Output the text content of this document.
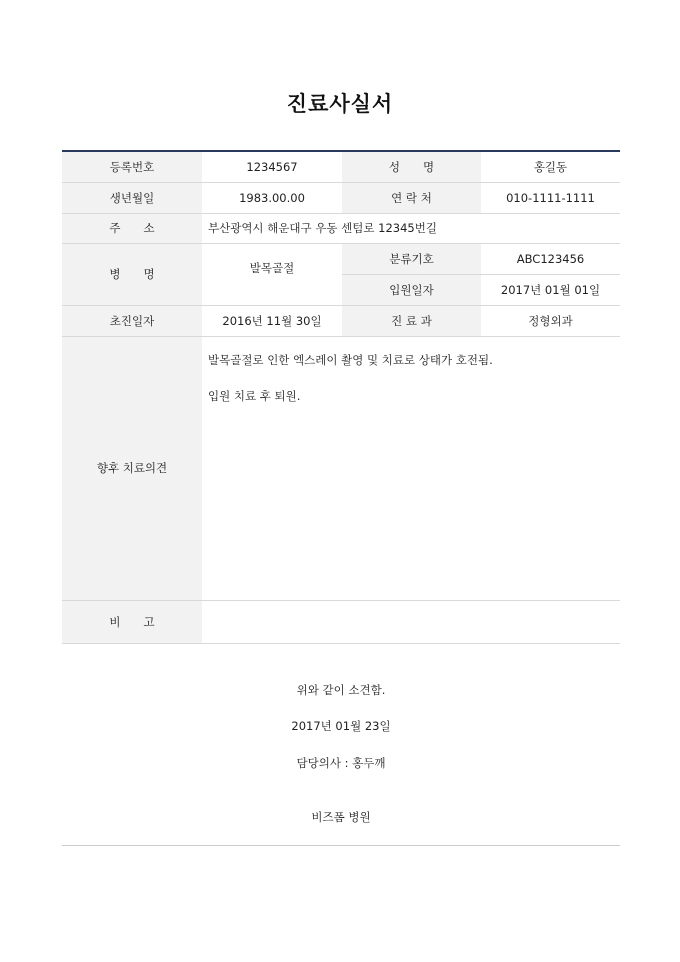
진료사실서
등록번호	1234567	성　　명	홍길동
생년월일	1983.00.00	연 락 처	010-1111-1111
주　　소	부산광역시 해운대구 우동 센텀로 12345번길		
병　　명	발목골절	분류기호	ABC123456
		입원일자	2017년 01월 01일
초진일자	2016년 11월 30일	진 료 과	정형외과
향후 치료의견	발목골절로 인한 엑스레이 촬영 및 치료로 상태가 호전됨.

입원 치료 후 퇴원.		

비　　고			
위와 같이 소견함.
2017년 01월 23일
담당의사 : 홍두깨
비즈폼 병원
